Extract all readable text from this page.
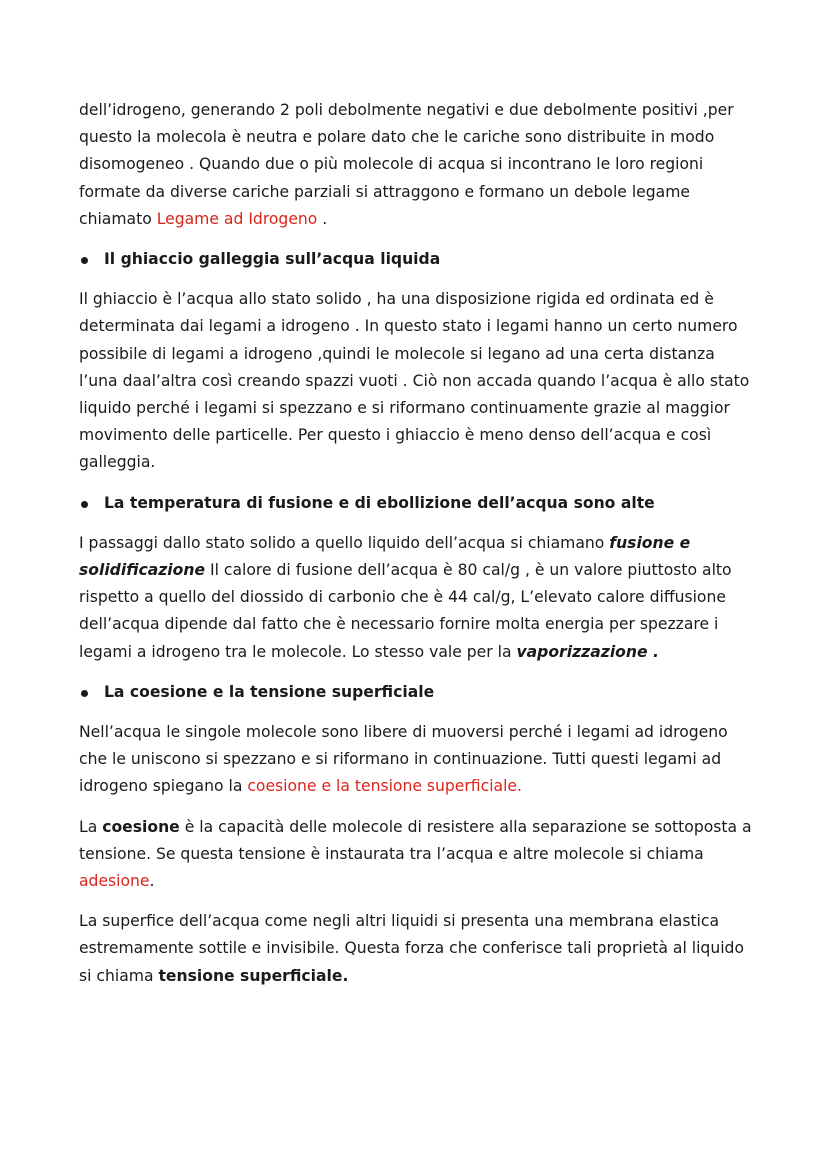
dell’idrogeno, generando 2 poli debolmente negativi e due debolmente positivi ,per questo la molecola è neutra e polare dato che le cariche sono distribuite in modo disomogeneo . Quando due o più molecole di acqua si incontrano le loro regioni formate da diverse cariche parziali si attraggono e formano un debole legame chiamato Legame ad Idrogeno .

Il ghiaccio galleggia sull’acqua liquida

Il ghiaccio è l’acqua allo stato solido , ha una disposizione rigida ed ordinata ed è determinata dai legami a idrogeno . In questo stato i legami hanno un certo numero possibile di legami a idrogeno ,quindi le molecole si legano ad una certa distanza l’una daal’altra così creando spazzi vuoti . Ciò non accada quando l’acqua è allo stato liquido perché i legami si spezzano e si riformano continuamente grazie al maggior movimento delle particelle. Per questo i ghiaccio è meno denso dell’acqua e così galleggia.

La temperatura di fusione e di ebollizione dell’acqua sono alte

I passaggi dallo stato solido a quello liquido dell’acqua si chiamano fusione e solidificazione Il calore di fusione dell’acqua è 80 cal/g , è un valore piuttosto alto rispetto a quello del diossido di carbonio che è 44 cal/g, L’elevato calore diffusione dell’acqua dipende dal fatto che è necessario fornire molta energia per spezzare i legami a idrogeno tra le molecole. Lo stesso vale per la vaporizzazione .

La coesione e la tensione superficiale

Nell’acqua le singole molecole sono libere di muoversi perché i legami ad idrogeno che le uniscono si spezzano e si riformano in continuazione. Tutti questi legami ad idrogeno spiegano la coesione e la tensione superficiale.

La coesione è la capacità delle molecole di resistere alla separazione se sottoposta a tensione. Se questa tensione è instaurata tra l’acqua e altre molecole si chiama adesione.

La superfice dell’acqua come negli altri liquidi si presenta una membrana elastica estremamente sottile e invisibile. Questa forza che conferisce tali proprietà al liquido si chiama tensione superficiale.
